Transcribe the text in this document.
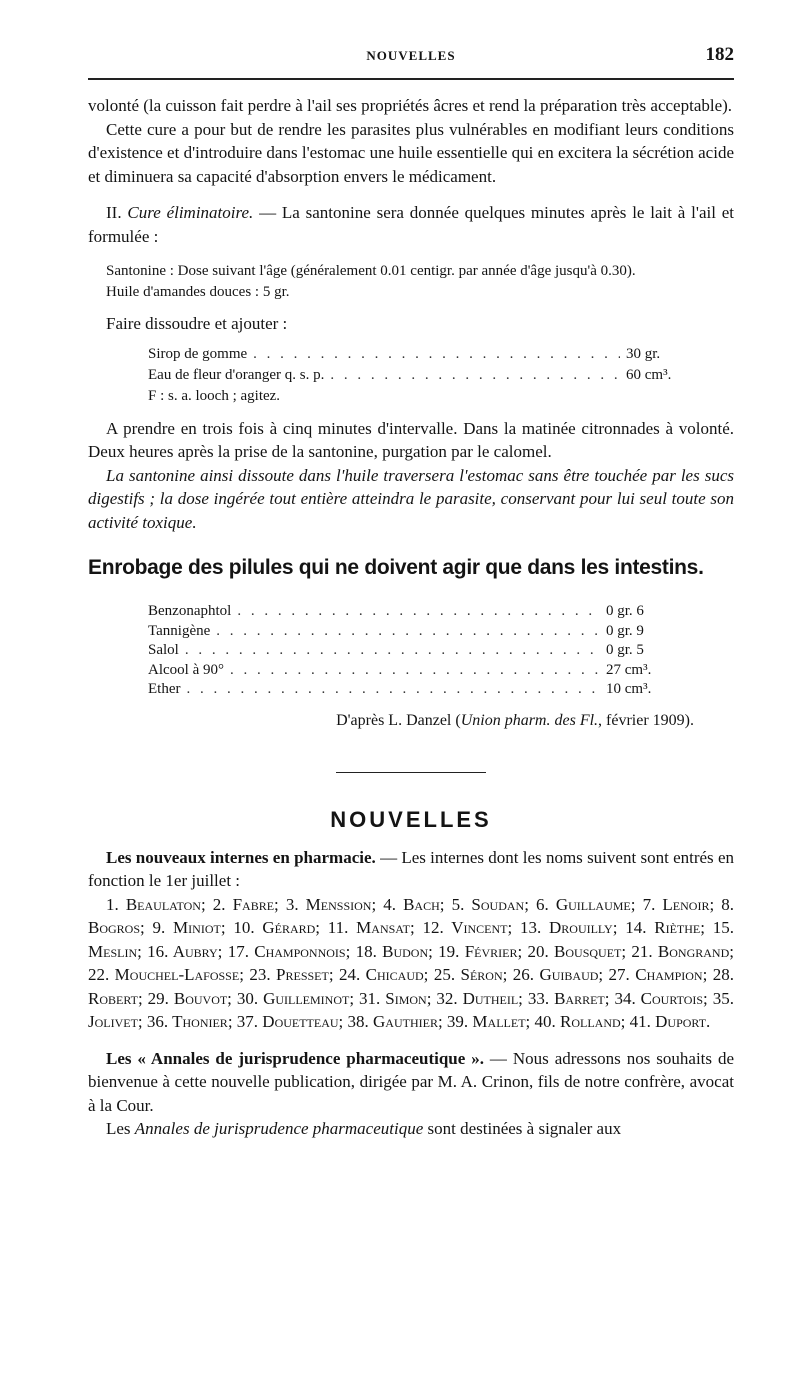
NOUVELLES	182

volonté (la cuisson fait perdre à l'ail ses propriétés âcres et rend la préparation très acceptable).

Cette cure a pour but de rendre les parasites plus vulnérables en modifiant leurs conditions d'existence et d'introduire dans l'estomac une huile essentielle qui en excitera la sécrétion acide et diminuera sa capacité d'absorption envers le médicament.

II. Cure éliminatoire. — La santonine sera donnée quelques minutes après le lait à l'ail et formulée :

Santonine : Dose suivant l'âge (généralement 0.01 centigr. par année d'âge jusqu'à 0.30).

Huile d'amandes douces : 5 gr.

Faire dissoudre et ajouter :

Sirop de gomme . . .	30 gr.
Eau de fleur d'oranger q. s. p. . . .	60 cm³.
F : s. a. looch ; agitez.

A prendre en trois fois à cinq minutes d'intervalle. Dans la matinée citronnades à volonté. Deux heures après la prise de la santonine, purgation par le calomel.

La santonine ainsi dissoute dans l'huile traversera l'estomac sans être touchée par les sucs digestifs ; la dose ingérée tout entière atteindra le parasite, conservant pour lui seul toute son activité toxique.

Enrobage des pilules qui ne doivent agir que dans les intestins.
Benzonaphtol . . .	0 gr. 6
Tannigène . . .	0 gr. 9
Salol . . .	0 gr. 5
Alcool à 90° . . .	27 cm³.
Ether . . .	10 cm³.

D'après L. Danzel (Union pharm. des Fl., février 1909).

NOUVELLES

Les nouveaux internes en pharmacie. — Les internes dont les noms suivent sont entrés en fonction le 1er juillet :

1. Beaulaton; 2. Fabre; 3. Menssion; 4. Bach; 5. Soudan; 6. Guillaume; 7. Lenoir; 8. Bogros; 9. Miniot; 10. Gérard; 11. Mansat; 12. Vincent; 13. Drouilly; 14. Rièthe; 15. Meslin; 16. Aubry; 17. Champonnois; 18. Budon; 19. Février; 20. Bousquet; 21. Bongrand; 22. Mouchel-Lafosse; 23. Presset; 24. Chicaud; 25. Séron; 26. Guibaud; 27. Champion; 28. Robert; 29. Bouvot; 30. Guilleminot; 31. Simon; 32. Dutheil; 33. Barret; 34. Courtois; 35. Jolivet; 36. Thonier; 37. Douetteau; 38. Gauthier; 39. Mallet; 40. Rolland; 41. Duport.

Les « Annales de jurisprudence pharmaceutique ». — Nous adressons nos souhaits de bienvenue à cette nouvelle publication, dirigée par M. A. Crinon, fils de notre confrère, avocat à la Cour.

Les Annales de jurisprudence pharmaceutique sont destinées à signaler aux
